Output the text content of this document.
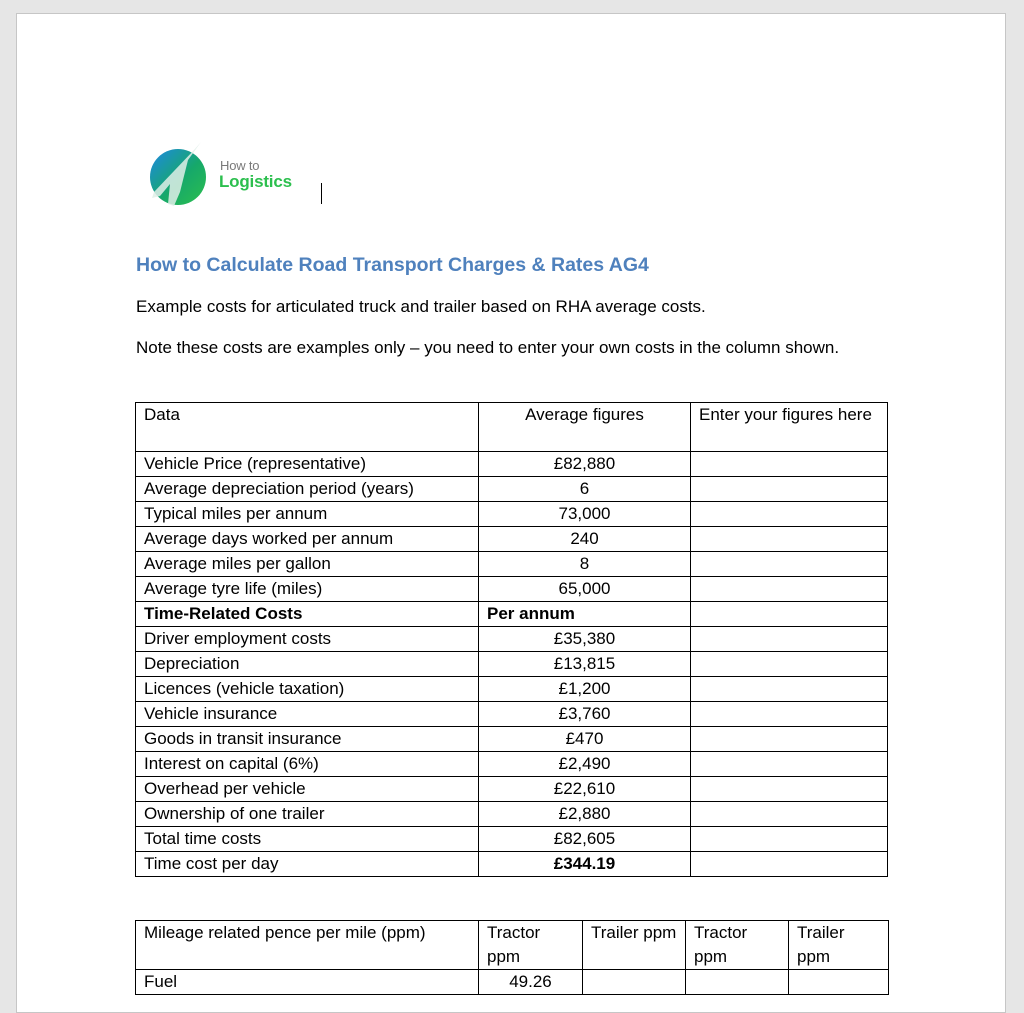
How to
Logistics
How to Calculate Road Transport Charges & Rates AG4

Example costs for articulated truck and trailer based on RHA average costs.

Note these costs are examples only – you need to enter your own costs in the column shown.

Data	Average figures	Enter your figures here
Vehicle Price (representative)	£82,880	
Average depreciation period (years)	6	
Typical miles per annum	73,000	
Average days worked per annum	240	
Average miles per gallon	8	
Average tyre life (miles)	65,000	
Time-Related Costs	Per annum	
Driver employment costs	£35,380	
Depreciation	£13,815	
Licences (vehicle taxation)	£1,200	
Vehicle insurance	£3,760	
Goods in transit insurance	£470	
Interest on capital (6%)	£2,490	
Overhead per vehicle	£22,610	
Ownership of one trailer	£2,880	
Total time costs	£82,605	
Time cost per day	£344.19	
Mileage related pence per mile (ppm)	Tractor ppm	Trailer ppm	Tractor ppm	Trailer ppm
Fuel	49.26			
